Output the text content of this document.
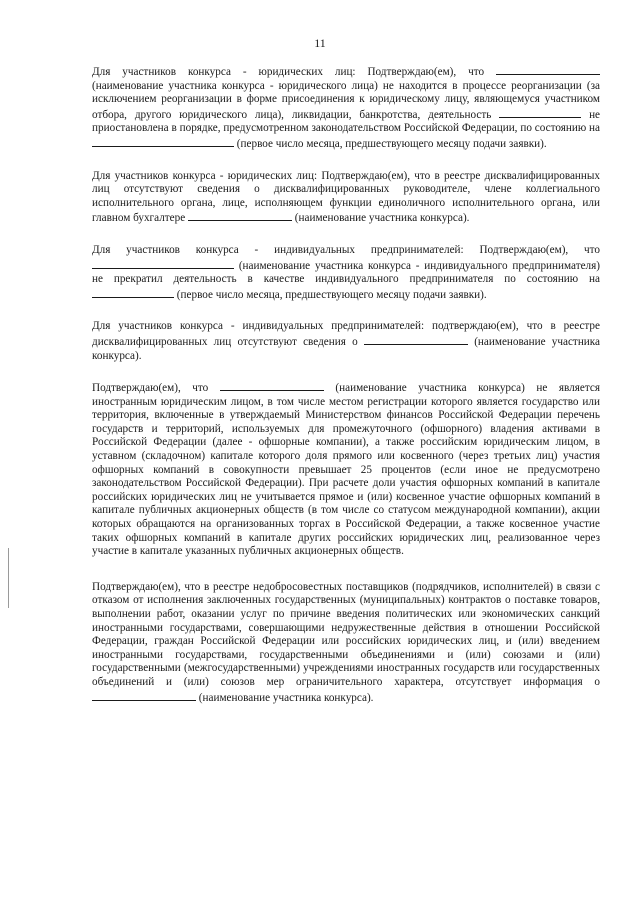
11

Для участников конкурса - юридических лиц: Подтверждаю(ем), что  (наименование участника конкурса - юридического лица) не находится в процессе реорганизации (за исключением реорганизации в форме присоединения к юридическому лицу, являющемуся участником отбора, другого юридического лица), ликвидации, банкротства, деятельность	не приостановлена в порядке, предусмотренном законодательством Российской Федерации, по состоянию на  (первое число месяца, предшествующего месяцу подачи заявки).

Для участников конкурса - юридических лиц: Подтверждаю(ем), что в реестре дисквалифицированных лиц отсутствуют сведения о дисквалифицированных руководителе, члене коллегиального исполнительного органа, лице, исполняющем функции единоличного исполнительного органа, или главном бухгалтере	(наименование участника конкурса).

Для участников конкурса - индивидуальных предпринимателей: Подтверждаю(ем), что  (наименование участника конкурса - индивидуального предпринимателя) не прекратил деятельность в качестве индивидуального предпринимателя по состоянию на  (первое число месяца, предшествующего месяцу подачи заявки).

Для участников конкурса - индивидуальных предпринимателей: подтверждаю(ем), что в реестре дисквалифицированных лиц отсутствуют сведения о	(наименование участника конкурса).

Подтверждаю(ем), что	(наименование участника конкурса) не является иностранным юридическим лицом, в том числе местом регистрации которого является государство или территория, включенные в утверждаемый Министерством финансов Российской Федерации перечень государств и территорий, используемых для промежуточного (офшорного) владения активами в Российской Федерации (далее - офшорные компании), а также российским юридическим лицом, в уставном (складочном) капитале которого доля прямого или косвенного (через третьих лиц) участия офшорных компаний в совокупности превышает 25 процентов (если иное не предусмотрено законодательством Российской Федерации). При расчете доли участия офшорных компаний в капитале российских юридических лиц не учитывается прямое и (или) косвенное участие офшорных компаний в капитале публичных акционерных обществ (в том числе со статусом международной компании), акции которых обращаются на организованных торгах в Российской Федерации, а также косвенное участие таких офшорных компаний в капитале других российских юридических лиц, реализованное через участие в капитале указанных публичных акционерных обществ.

Подтверждаю(ем), что в реестре недобросовестных поставщиков (подрядчиков, исполнителей) в связи с отказом от исполнения заключенных государственных (муниципальных) контрактов о поставке товаров, выполнении работ, оказании услуг по причине введения политических или экономических санкций иностранными государствами, совершающими недружественные действия в отношении Российской Федерации, граждан Российской Федерации или российских юридических лиц, и (или) введением иностранными государствами, государственными объединениями и (или) союзами и (или) государственными (межгосударственными) учреждениями иностранных государств или государственных объединений и (или) союзов мер ограничительного характера, отсутствует информация о  (наименование участника конкурса).
